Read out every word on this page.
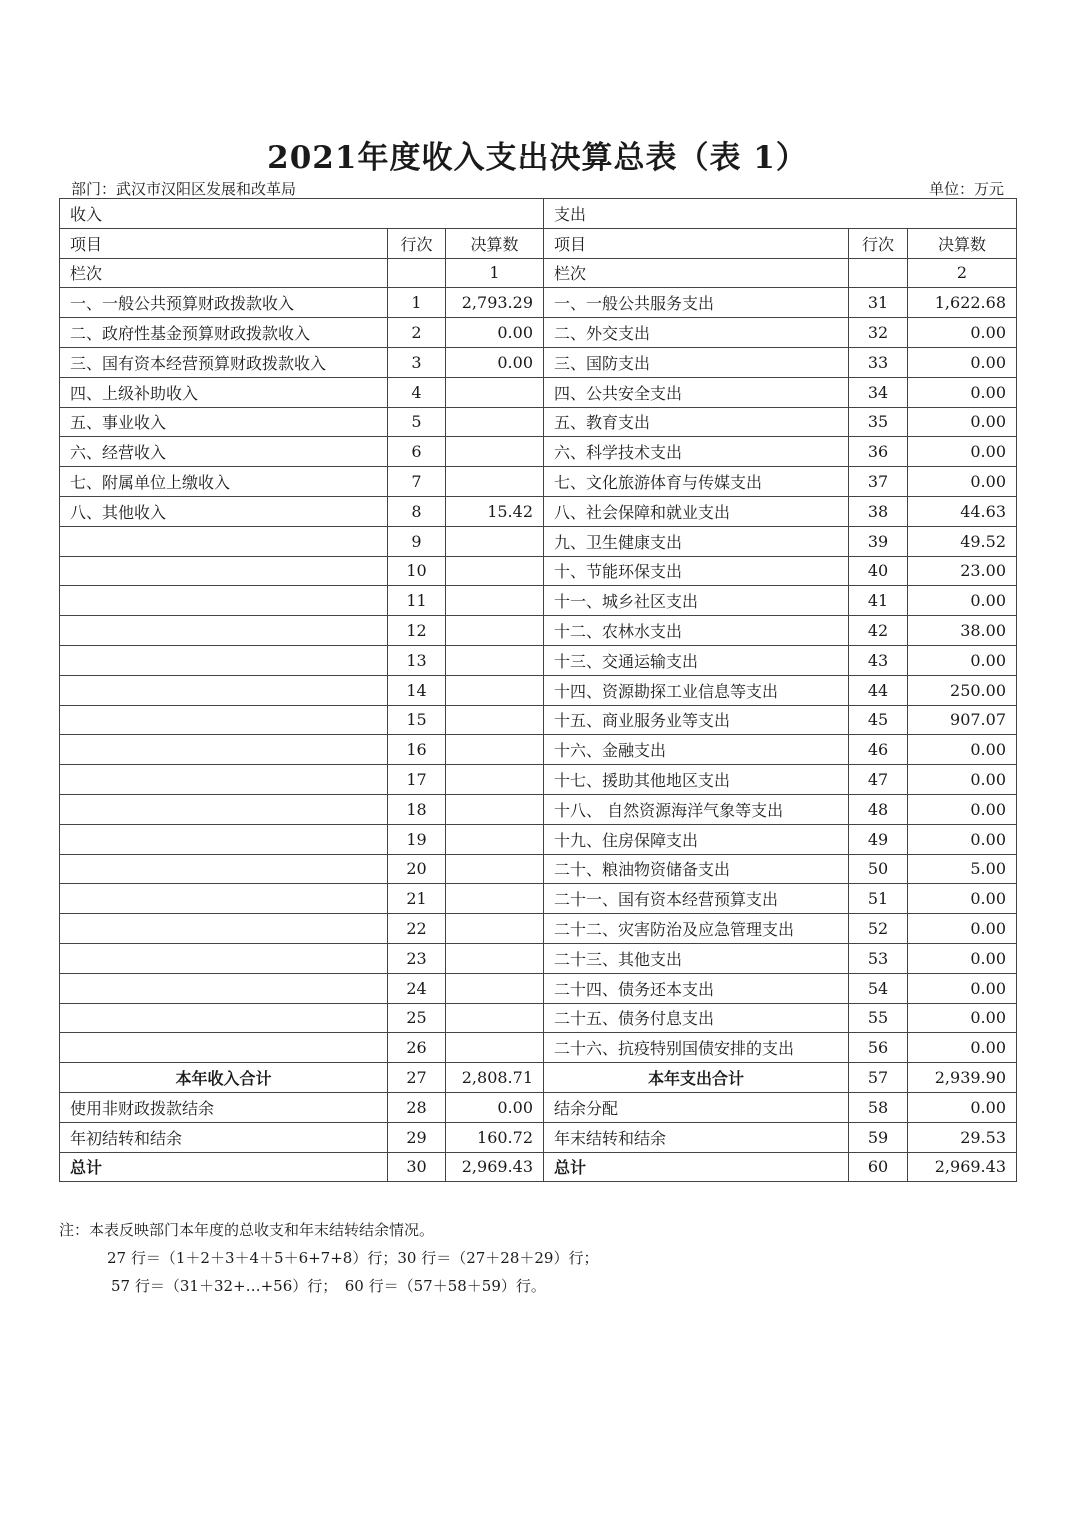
2021年度收入支出决算总表（表 1）
部门：武汉市汉阳区发展和改革局	单位：万元
收入			支出		
项目	行次	决算数	项目	行次	决算数
栏次		1	栏次		2
一、一般公共预算财政拨款收入	1	2,793.29	一、一般公共服务支出	31	1,622.68
二、政府性基金预算财政拨款收入	2	0.00	二、外交支出	32	0.00
三、国有资本经营预算财政拨款收入	3	0.00	三、国防支出	33	0.00
四、上级补助收入	4		四、公共安全支出	34	0.00
五、事业收入	5		五、教育支出	35	0.00
六、经营收入	6		六、科学技术支出	36	0.00
七、附属单位上缴收入	7		七、文化旅游体育与传媒支出	37	0.00
八、其他收入	8	15.42	八、社会保障和就业支出	38	44.63
	9		九、卫生健康支出	39	49.52
	10		十、节能环保支出	40	23.00
	11		十一、城乡社区支出	41	0.00
	12		十二、农林水支出	42	38.00
	13		十三、交通运输支出	43	0.00
	14		十四、资源勘探工业信息等支出	44	250.00
	15		十五、商业服务业等支出	45	907.07
	16		十六、金融支出	46	0.00
	17		十七、援助其他地区支出	47	0.00
	18		十八、 自然资源海洋气象等支出	48	0.00
	19		十九、住房保障支出	49	0.00
	20		二十、粮油物资储备支出	50	5.00
	21		二十一、国有资本经营预算支出	51	0.00
	22		二十二、灾害防治及应急管理支出	52	0.00
	23		二十三、其他支出	53	0.00
	24		二十四、债务还本支出	54	0.00
	25		二十五、债务付息支出	55	0.00
	26		二十六、抗疫特别国债安排的支出	56	0.00
本年收入合计	27	2,808.71	本年支出合计	57	2,939.90
使用非财政拨款结余	28	0.00	结余分配	58	0.00
年初结转和结余	29	160.72	年末结转和结余	59	29.53
总计	30	2,969.43	总计	60	2,969.43
注：本表反映部门本年度的总收支和年末结转结余情况。
27 行＝（1＋2＋3＋4＋5＋6+7+8）行；30 行＝（27＋28＋29）行；
57 行＝（31＋32+…+56）行；　60 行＝（57＋58＋59）行。
